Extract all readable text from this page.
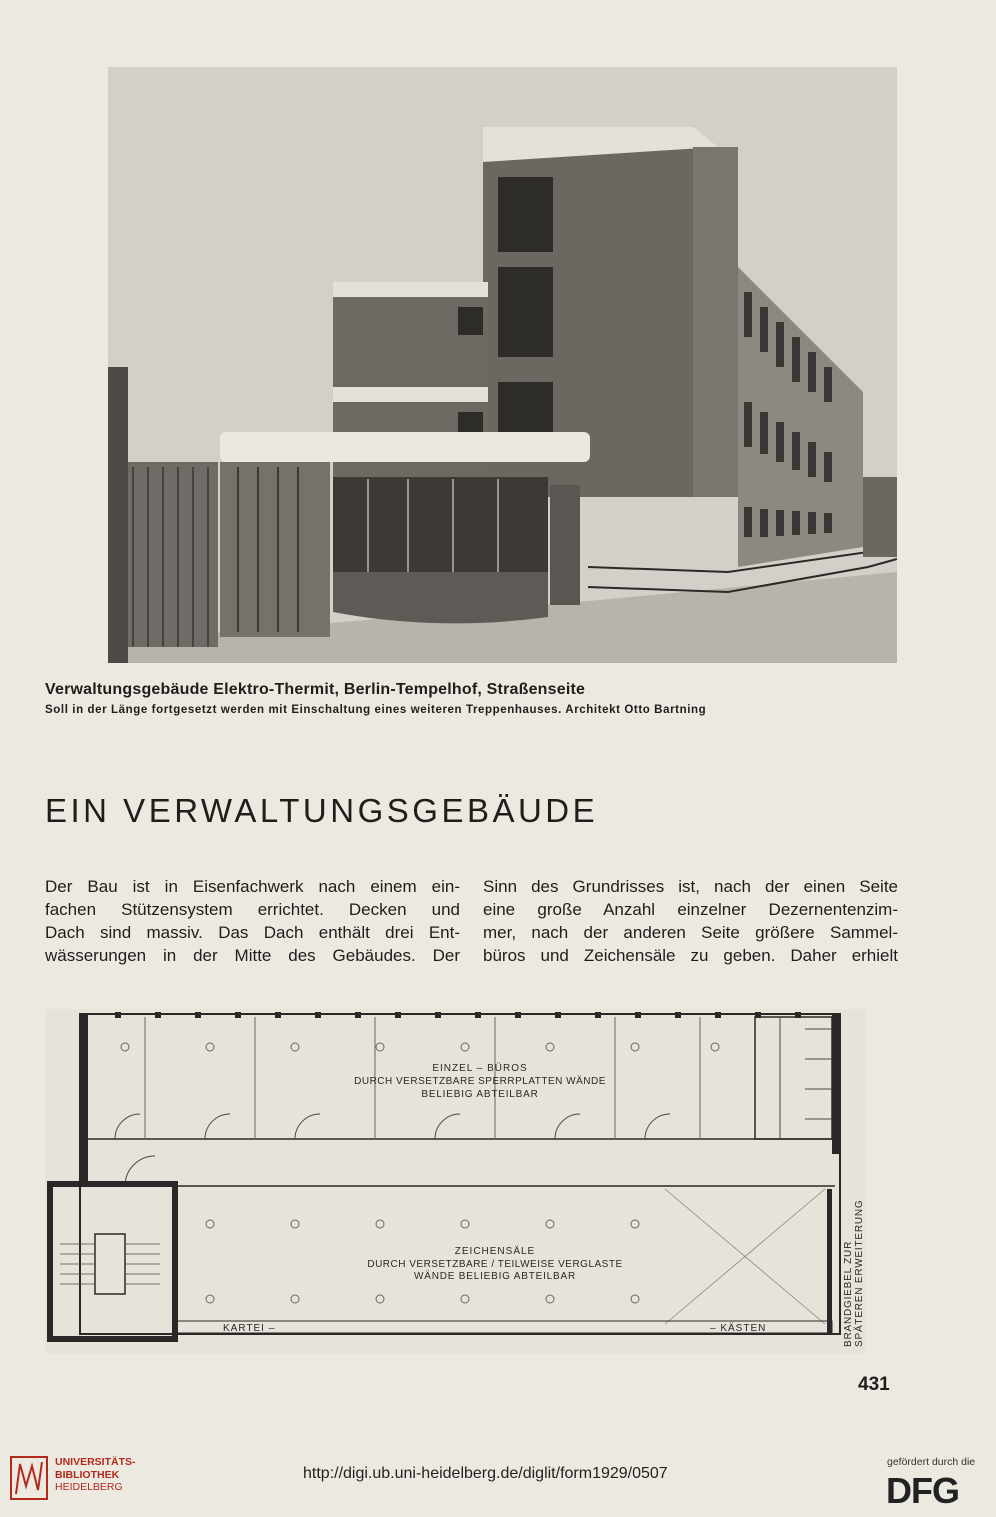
Verwaltungsgebäude Elektro-Thermit, Berlin-Tempelhof, Straßenseite
Soll in der Länge fortgesetzt werden mit Einschaltung eines weiteren Treppenhauses. Architekt Otto Bartning
EIN VERWALTUNGSGEBÄUDE
Der Bau ist in Eisenfachwerk nach einem ein-
fachen Stützensystem errichtet. Decken und
Dach sind massiv. Das Dach enthält drei Ent-
wässerungen in der Mitte des Gebäudes. Der
Sinn des Grundrisses ist, nach der einen Seite
eine große Anzahl einzelner Dezernentenzim-
mer, nach der anderen Seite größere Sammel-
büros und Zeichensäle zu geben. Daher erhielt
EINZEL – BÜROS
DURCH VERSETZBARE SPERRPLATTEN WÄNDE
BELIEBIG ABTEILBAR
ZEICHENSÄLE
DURCH VERSETZBARE / TEILWEISE VERGLASTE
WÄNDE BELIEBIG ABTEILBAR
KARTEI –	– KÄSTEN	BRANDGIEBEL ZUR SPÄTEREN ERWEITERUNG
431
UNIVERSITÄTS-
BIBLIOTHEK
HEIDELBERG
http://digi.ub.uni-heidelberg.de/diglit/form1929/0507
gefördert durch die
DFG
